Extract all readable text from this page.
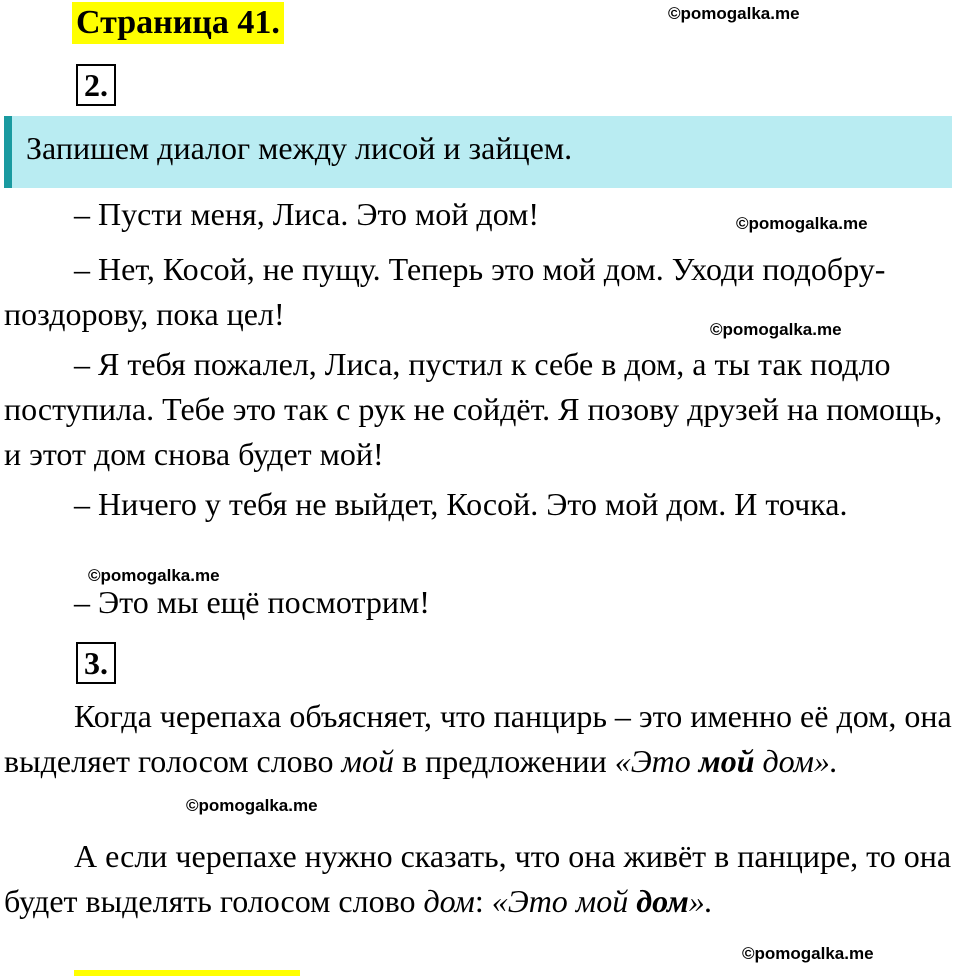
Страница 41.	©pomogalka.me
2.
Запишем диалог между лисой и зайцем.
– Пусти меня, Лиса. Это мой дом!	©pomogalka.me

– Нет, Косой, не пущу. Теперь это мой дом. Уходи подобру-поздорову, пока цел!	©pomogalka.me

– Я тебя пожалел, Лиса, пустил к себе в дом, а ты так подло поступила. Тебе это так с рук не сойдёт. Я позову друзей на помощь, и этот дом снова будет мой!

– Ничего у тебя не выйдет, Косой. Это мой дом. И точка.

©pomogalka.me
– Это мы ещё посмотрим!
3.

Когда черепаха объясняет, что панцирь – это именно её дом, она выделяет голосом слово мой в предложении «Это мой дом».

©pomogalka.me

А если черепахе нужно сказать, что она живёт в панцире, то она будет выделять голосом слово дом: «Это мой дом».

©pomogalka.me
